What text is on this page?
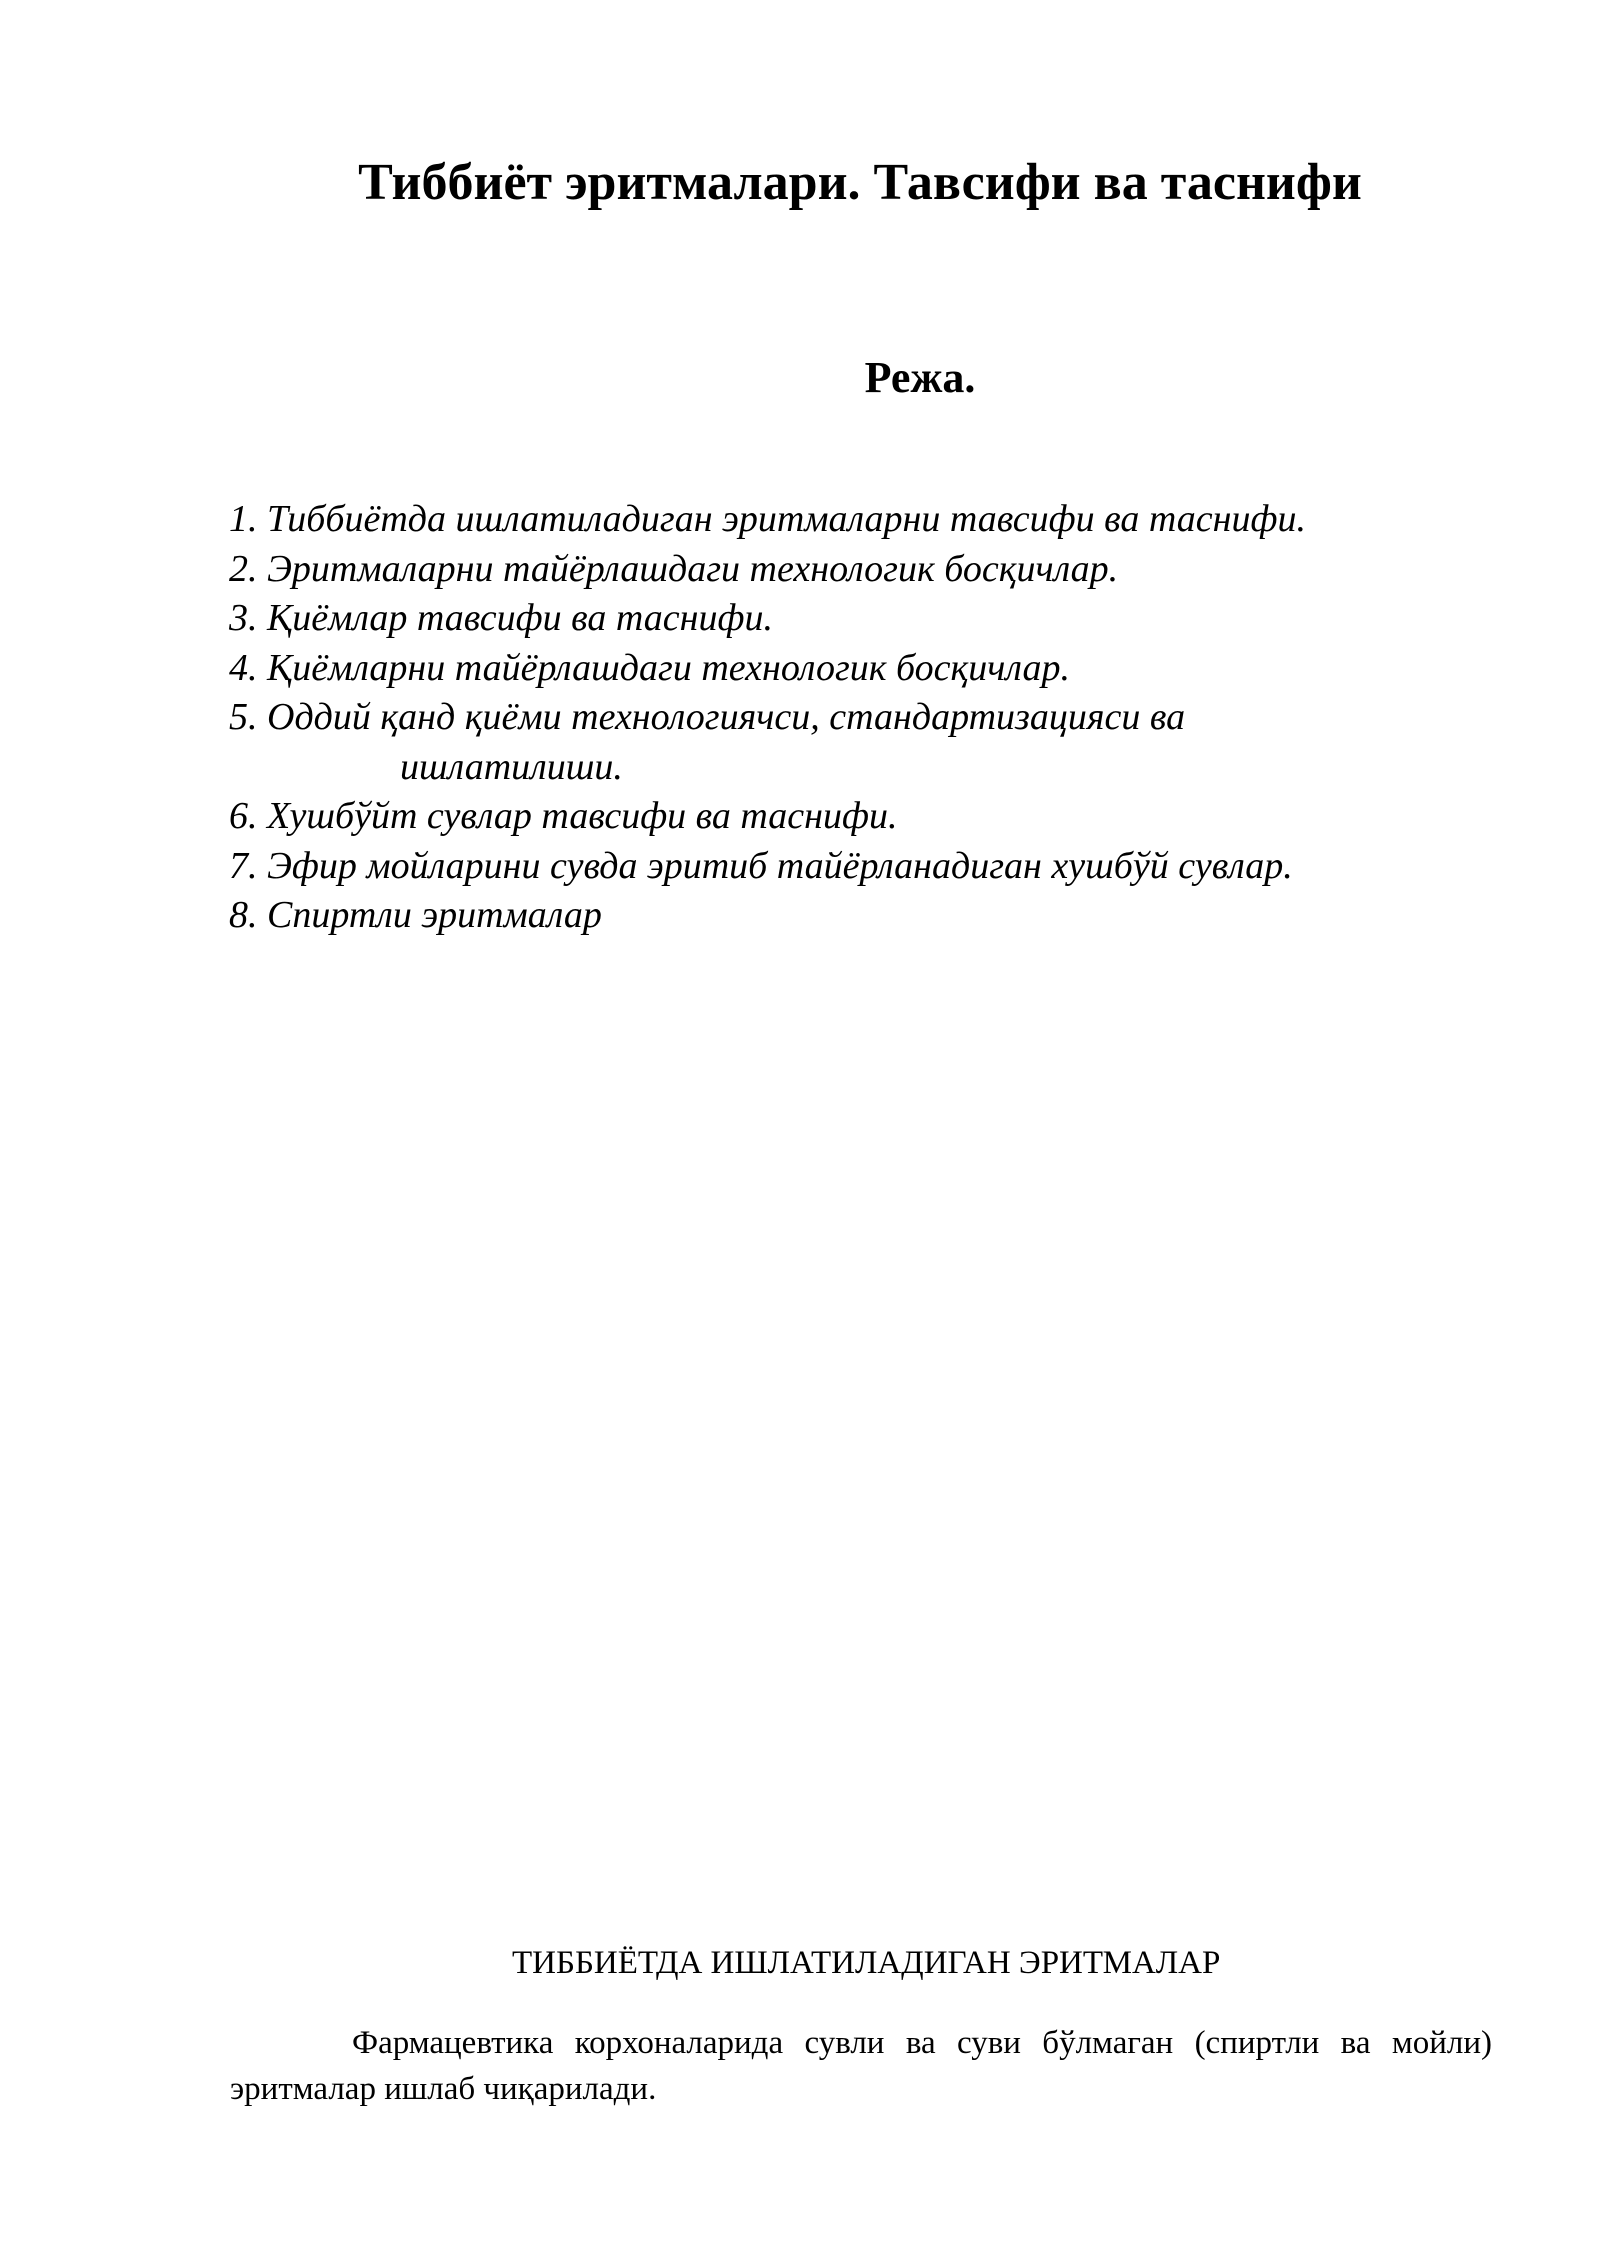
Тиббиёт эритмалари. Тавсифи ва таснифи
Режа.
1. Тиббиётда ишлатиладиган эритмаларни тавсифи ва таснифи.
2. Эритмаларни тайёрлашдаги технологик босқичлар.
3. Қиёмлар тавсифи ва таснифи.
4. Қиёмларни тайёрлашдаги технологик босқичлар.
5. Оддий қанд қиёми технологиячси, стандартизацияси ва
ишлатилиши.
6. Хушбўйт сувлар тавсифи ва таснифи.
7. Эфир мойларини сувда эритиб тайёрланадиган хушбўй сувлар.
8. Спиртли эритмалар
ТИББИЁТДА ИШЛАТИЛАДИГАН ЭРИТМАЛАР

Фармацевтика корхоналарида сувли ва суви бўлмаган (спиртли ва мойли) эритмалар ишлаб чиқарилади.
